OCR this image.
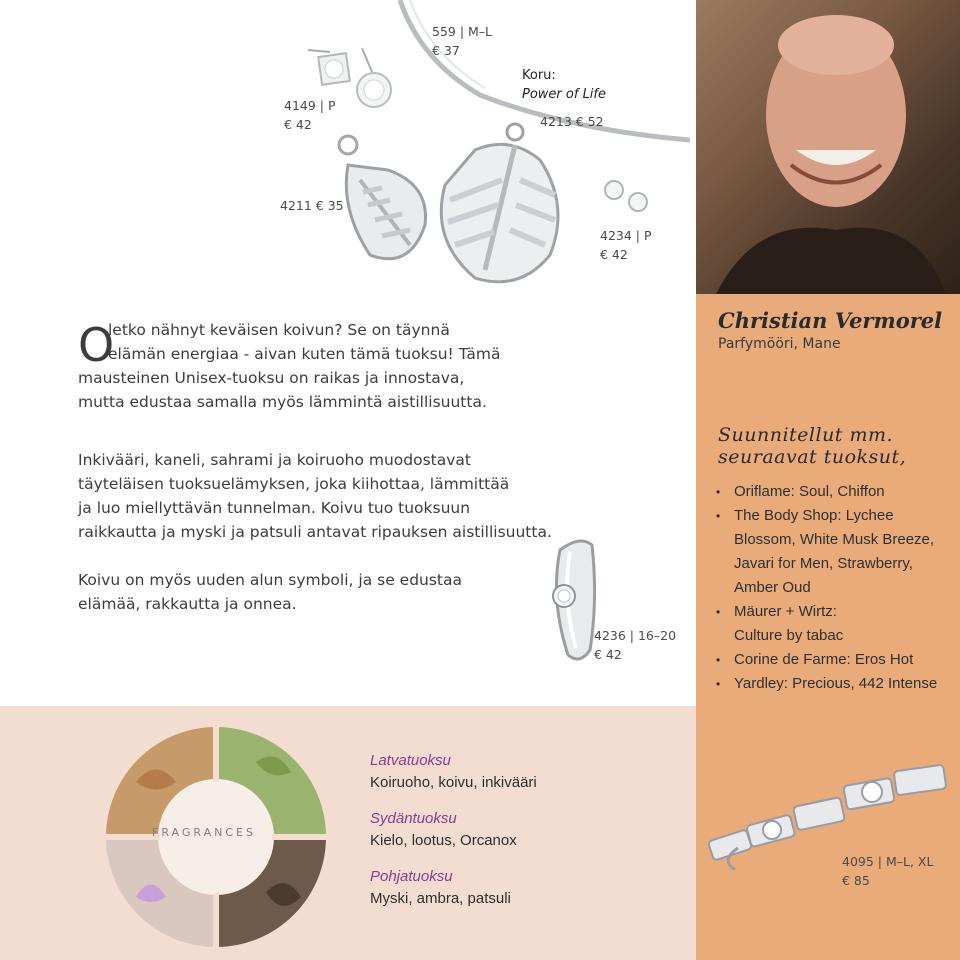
559 | M–L
€ 37
4149 | P
€ 42
Koru:
Power of Life
4213 € 52
4211 € 35
4234 | P
€ 42
O
letko nähnyt keväisen koivun? Se on täynnä
elämän energiaa - aivan kuten tämä tuoksu! Tämä
mausteinen Unisex-tuoksu on raikas ja innostava,
mutta edustaa samalla myös lämmintä aistillisuutta.
Inkivääri, kaneli, sahrami ja koiruoho muodostavat
täyteläisen tuoksuelämyksen, joka kiihottaa, lämmittää
ja luo miellyttävän tunnelman. Koivu tuo tuoksuun
raikkautta ja myski ja patsuli antavat ripauksen aistillisuutta.
Koivu on myös uuden alun symboli, ja se edustaa
elämää, rakkautta ja onnea.
4236 | 16–20
€ 42
Christian Vermorel
Parfymööri, Mane
Suunnitellut mm.
seuraavat tuoksut,
• Oriflame: Soul, Chiffon
• The Body Shop: Lychee
Blossom, White Musk Breeze,
Javari for Men, Strawberry,
Amber Oud
• Mäurer + Wirtz:
Culture by tabac
• Corine de Farme: Eros Hot
• Yardley: Precious, 442 Intense
FRAGRANCES
Latvatuoksu
Koiruoho, koivu, inkivääri
Sydäntuoksu
Kielo, lootus, Orcanox
Pohjatuoksu
Myski, ambra, patsuli
4095 | M–L, XL
€ 85
